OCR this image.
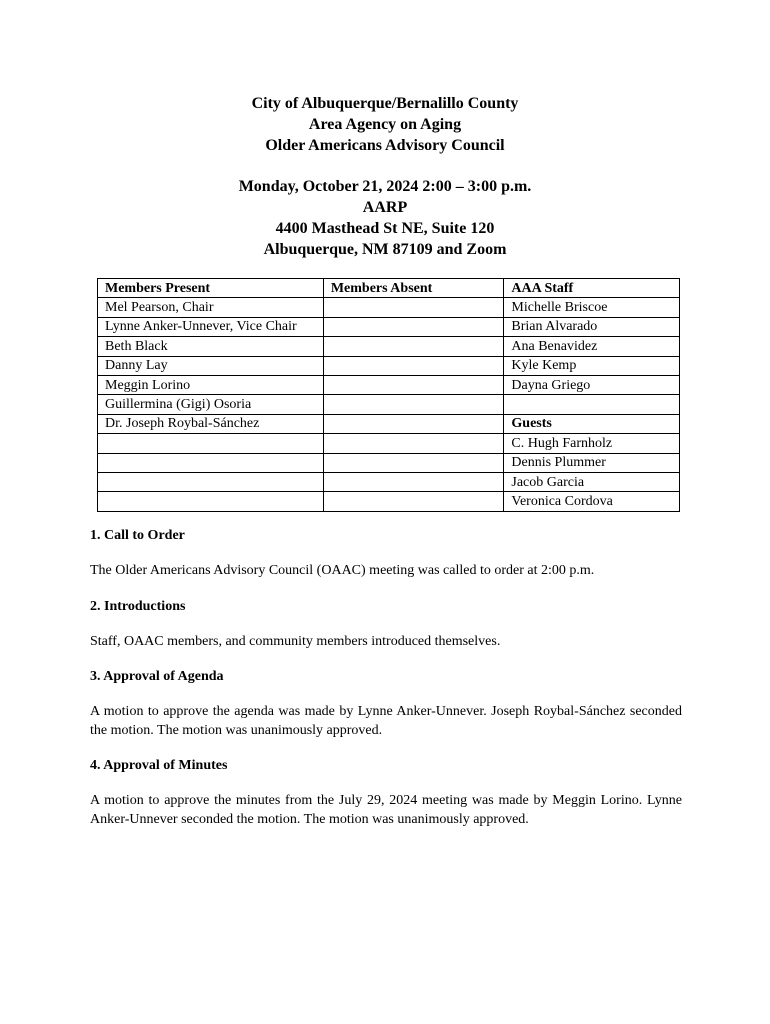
City of Albuquerque/Bernalillo County
Area Agency on Aging
Older Americans Advisory Council
Monday, October 21, 2024 2:00 – 3:00 p.m.
AARP
4400 Masthead St NE, Suite 120
Albuquerque, NM 87109 and Zoom
Members Present	Members Absent	AAA Staff
Mel Pearson, Chair		Michelle Briscoe
Lynne Anker-Unnever, Vice Chair		Brian Alvarado
Beth Black		Ana Benavidez
Danny Lay		Kyle Kemp
Meggin Lorino		Dayna Griego
Guillermina (Gigi) Osoria		
Dr. Joseph Roybal-Sánchez		Guests
		C. Hugh Farnholz
		Dennis Plummer
		Jacob Garcia
		Veronica Cordova

1. Call to Order

The Older Americans Advisory Council (OAAC) meeting was called to order at 2:00 p.m.

2. Introductions

Staff, OAAC members, and community members introduced themselves.

3. Approval of Agenda

A motion to approve the agenda was made by Lynne Anker-Unnever. Joseph Roybal-Sánchez seconded the motion. The motion was unanimously approved.

4. Approval of Minutes

A motion to approve the minutes from the July 29, 2024 meeting was made by Meggin Lorino. Lynne Anker-Unnever seconded the motion. The motion was unanimously approved.
